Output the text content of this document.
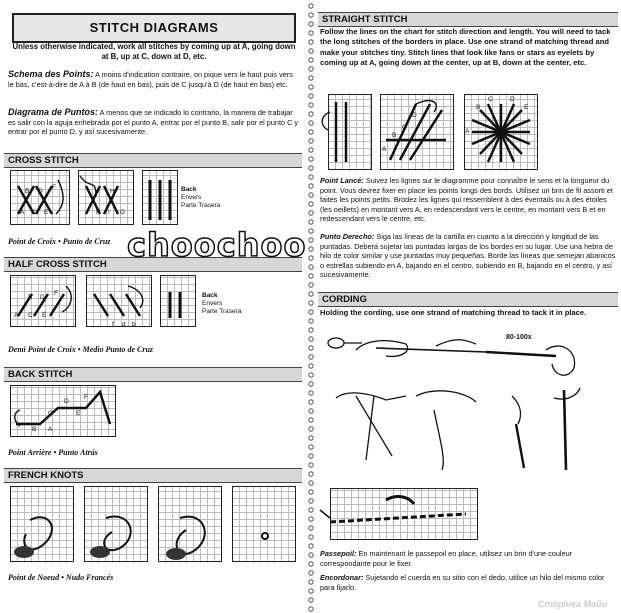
STITCH DIAGRAMS
Unless otherwise indicated, work all stitches by coming up at A, going down at B, up at C, down at D, etc.
Schema des Points: A moins d'indication contraire, on pique vers le haut puis vers le bas, c'est-à-dire de A à B (de haut en bas), puis de C jusqu'à D (de haut en bas) etc.
Diagrama de Puntos: A menos que se indicado lo contrario, la manera de trabajar es salir con la aguja enhebrada por el punto A, entrar por el punto B, salir por el punto C y entrar por el punto D, y así sucesivamente.
CROSS STITCH
B D
F
A C E
J H
K I G
Back
Envers
Parte Trasera
Point de Croix • Punto de Cruz
HALF CROSS STITCH
B D
F
A C E
f d b
Back
Envers
Parte Trasera
Demi Point de Croix • Medio Punto de Cruz
BACK STITCH
F
D
E
C
B A
Point Arrière • Punto Atrás
FRENCH KNOTS
Point de Noeud • Nudo Francés
STRAIGHT STITCH
Follow the lines on the chart for stitch direction and length. You will need to tack the long stitches of the borders in place. Use one strand of matching thread and make your stitches tiny. Stitch lines that look like fans or stars as eyelets by coming up at A, going down at the center, up at B, down at the center, etc.
D
C
B
A
A
B
C	D
E
Point Lancé: Suivez les lignes sur le diagramme pour connaître le sens et la longueur du point. Vous devrez fixer en place les points longs des bords. Utilisez un brin de fil assorti et faites les points petits. Brodez les lignes qui ressemblent à des éventails ou à des étoiles (les oeillets) en montant vers A, en redescendant vers le centre, en montant vers B et en redescendant vers le centre, etc.
Punto Derecho: Siga las líneas de la cartilla en cuanto a la dirección y longitud de las puntadas. Deberá sujetar las puntadas largas de los bordes en su lugar. Use una hebra de hilo de color similar y use puntadas muy pequeñas. Borde las líneas que semejan abanicos o estrellas subiendo en A, bajando en el centro, subiendo en B, bajando en el centro, y así sucesivamente.
CORDING
Holding the cording, use one strand of matching thread to tack it in place.
80-100x
Passepoil: En maintenant le passepoil en place, utilisez un brin d'une couleur correspondante pour le fixer.
Encordonar: Sujetando el cuerda en su sitio con el dedo, utilice un hilo del mismo color para fijarlo.
choochoo
Сторінка Майи
